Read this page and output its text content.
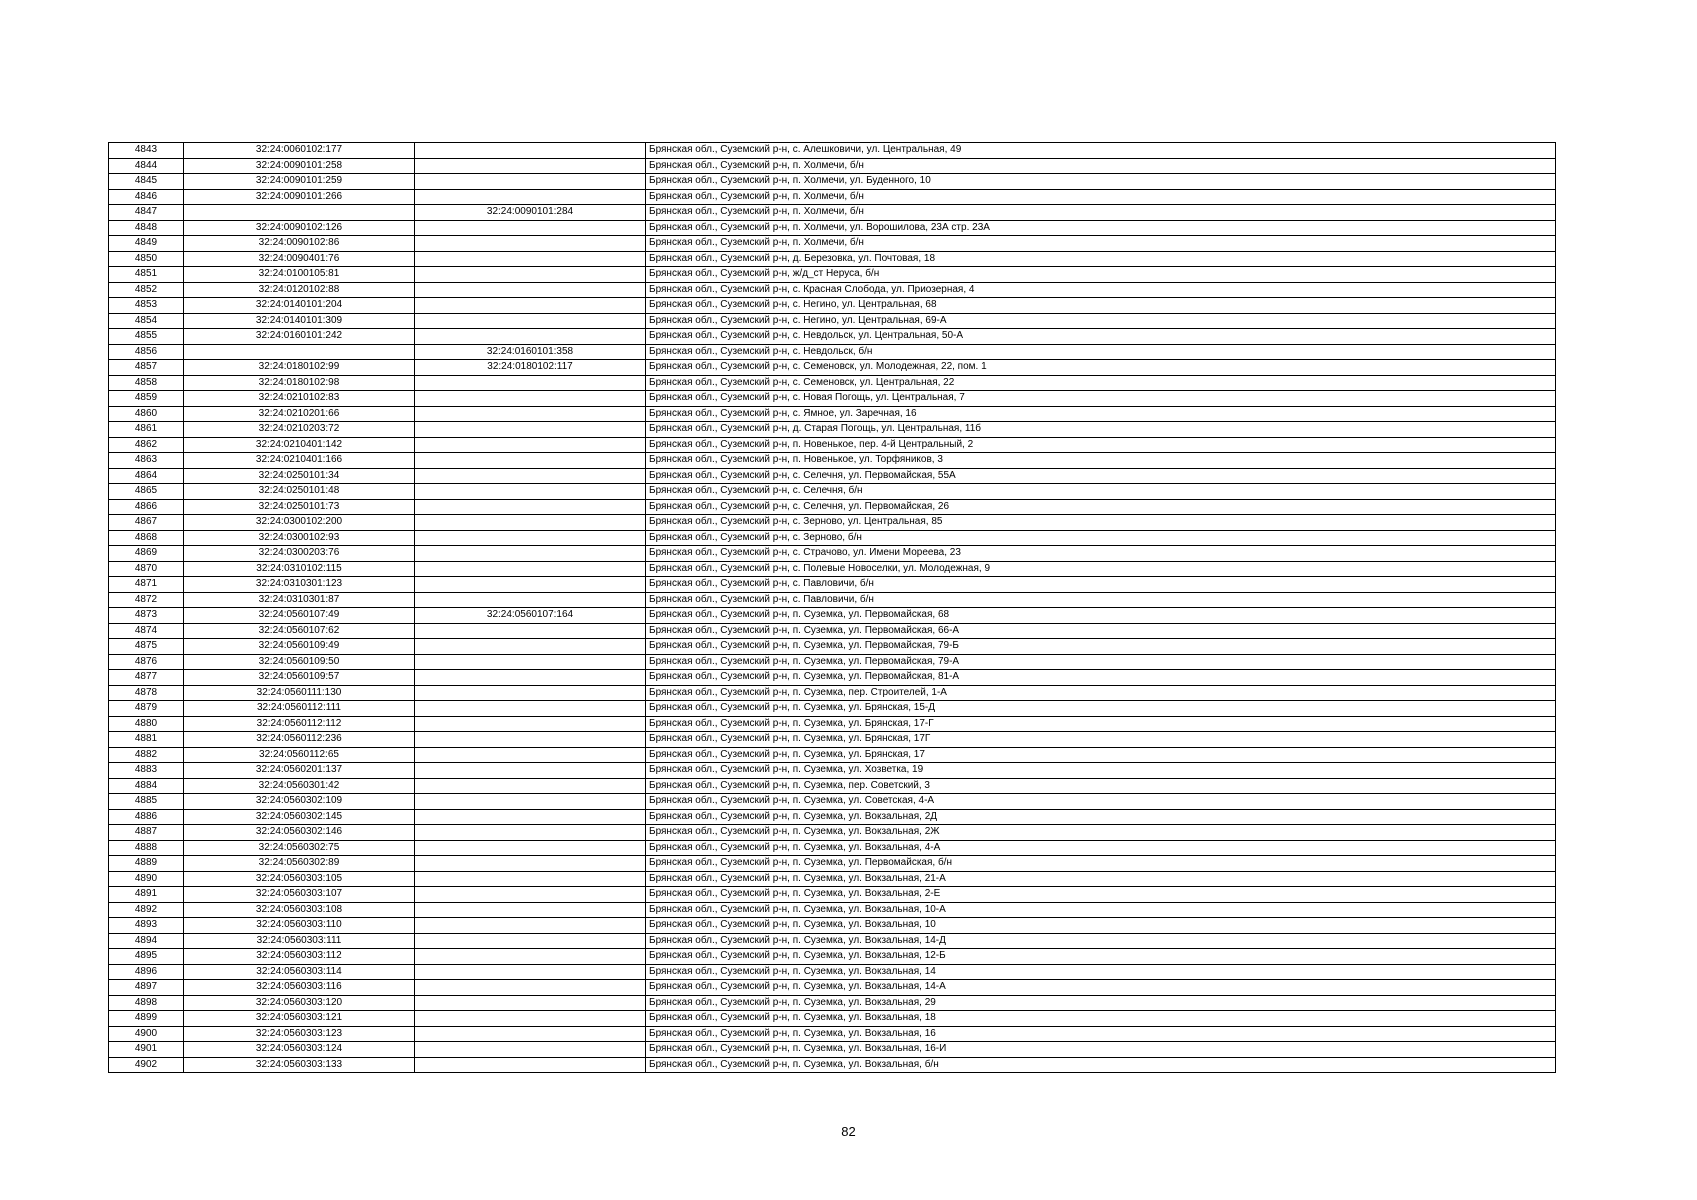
4843	32:24:0060102:177		Брянская обл., Суземский р-н, с. Алешковичи, ул. Центральная, 49
4844	32:24:0090101:258		Брянская обл., Суземский р-н, п. Холмечи, б/н
4845	32:24:0090101:259		Брянская обл., Суземский р-н, п. Холмечи, ул. Буденного, 10
4846	32:24:0090101:266		Брянская обл., Суземский р-н, п. Холмечи, б/н
4847		32:24:0090101:284	Брянская обл., Суземский р-н, п. Холмечи, б/н
4848	32:24:0090102:126		Брянская обл., Суземский р-н, п. Холмечи, ул. Ворошилова, 23А стр. 23А
4849	32:24:0090102:86		Брянская обл., Суземский р-н, п. Холмечи, б/н
4850	32:24:0090401:76		Брянская обл., Суземский р-н, д. Березовка, ул. Почтовая, 18
4851	32:24:0100105:81		Брянская обл., Суземский р-н, ж/д_ст Неруса, б/н
4852	32:24:0120102:88		Брянская обл., Суземский р-н, с. Красная Слобода, ул. Приозерная, 4
4853	32:24:0140101:204		Брянская обл., Суземский р-н, с. Негино, ул. Центральная, 68
4854	32:24:0140101:309		Брянская обл., Суземский р-н, с. Негино, ул. Центральная, 69-А
4855	32:24:0160101:242		Брянская обл., Суземский р-н, с. Невдольск, ул. Центральная, 50-А
4856		32:24:0160101:358	Брянская обл., Суземский р-н, с. Невдольск, б/н
4857	32:24:0180102:99	32:24:0180102:117	Брянская обл., Суземский р-н, с. Семеновск, ул. Молодежная, 22, пом. 1
4858	32:24:0180102:98		Брянская обл., Суземский р-н, с. Семеновск, ул. Центральная, 22
4859	32:24:0210102:83		Брянская обл., Суземский р-н, с. Новая Погощь, ул. Центральная, 7
4860	32:24:0210201:66		Брянская обл., Суземский р-н, с. Ямное, ул. Заречная, 16
4861	32:24:0210203:72		Брянская обл., Суземский р-н, д. Старая Погощь, ул. Центральная, 11б
4862	32:24:0210401:142		Брянская обл., Суземский р-н, п. Новенькое, пер. 4-й Центральный, 2
4863	32:24:0210401:166		Брянская обл., Суземский р-н, п. Новенькое, ул. Торфяников, 3
4864	32:24:0250101:34		Брянская обл., Суземский р-н, с. Селечня, ул. Первомайская, 55А
4865	32:24:0250101:48		Брянская обл., Суземский р-н, с. Селечня, б/н
4866	32:24:0250101:73		Брянская обл., Суземский р-н, с. Селечня, ул. Первомайская, 26
4867	32:24:0300102:200		Брянская обл., Суземский р-н, с. Зерново, ул. Центральная, 85
4868	32:24:0300102:93		Брянская обл., Суземский р-н, с. Зерново, б/н
4869	32:24:0300203:76		Брянская обл., Суземский р-н, с. Страчово, ул. Имени Мореева, 23
4870	32:24:0310102:115		Брянская обл., Суземский р-н, с. Полевые Новоселки, ул. Молодежная, 9
4871	32:24:0310301:123		Брянская обл., Суземский р-н, с. Павловичи, б/н
4872	32:24:0310301:87		Брянская обл., Суземский р-н, с. Павловичи, б/н
4873	32:24:0560107:49	32:24:0560107:164	Брянская обл., Суземский р-н, п. Суземка, ул. Первомайская, 68
4874	32:24:0560107:62		Брянская обл., Суземский р-н, п. Суземка, ул. Первомайская, 66-А
4875	32:24:0560109:49		Брянская обл., Суземский р-н, п. Суземка, ул. Первомайская, 79-Б
4876	32:24:0560109:50		Брянская обл., Суземский р-н, п. Суземка, ул. Первомайская, 79-А
4877	32:24:0560109:57		Брянская обл., Суземский р-н, п. Суземка, ул. Первомайская, 81-А
4878	32:24:0560111:130		Брянская обл., Суземский р-н, п. Суземка, пер. Строителей, 1-А
4879	32:24:0560112:111		Брянская обл., Суземский р-н, п. Суземка, ул. Брянская, 15-Д
4880	32:24:0560112:112		Брянская обл., Суземский р-н, п. Суземка, ул. Брянская, 17-Г
4881	32:24:0560112:236		Брянская обл., Суземский р-н, п. Суземка, ул. Брянская, 17Г
4882	32:24:0560112:65		Брянская обл., Суземский р-н, п. Суземка, ул. Брянская, 17
4883	32:24:0560201:137		Брянская обл., Суземский р-н, п. Суземка, ул. Хозветка, 19
4884	32:24:0560301:42		Брянская обл., Суземский р-н, п. Суземка, пер. Советский, 3
4885	32:24:0560302:109		Брянская обл., Суземский р-н, п. Суземка, ул. Советская, 4-А
4886	32:24:0560302:145		Брянская обл., Суземский р-н, п. Суземка, ул. Вокзальная, 2Д
4887	32:24:0560302:146		Брянская обл., Суземский р-н, п. Суземка, ул. Вокзальная, 2Ж
4888	32:24:0560302:75		Брянская обл., Суземский р-н, п. Суземка, ул. Вокзальная, 4-А
4889	32:24:0560302:89		Брянская обл., Суземский р-н, п. Суземка, ул. Первомайская, б/н
4890	32:24:0560303:105		Брянская обл., Суземский р-н, п. Суземка, ул. Вокзальная, 21-А
4891	32:24:0560303:107		Брянская обл., Суземский р-н, п. Суземка, ул. Вокзальная, 2-Е
4892	32:24:0560303:108		Брянская обл., Суземский р-н, п. Суземка, ул. Вокзальная, 10-А
4893	32:24:0560303:110		Брянская обл., Суземский р-н, п. Суземка, ул. Вокзальная, 10
4894	32:24:0560303:111		Брянская обл., Суземский р-н, п. Суземка, ул. Вокзальная, 14-Д
4895	32:24:0560303:112		Брянская обл., Суземский р-н, п. Суземка, ул. Вокзальная, 12-Б
4896	32:24:0560303:114		Брянская обл., Суземский р-н, п. Суземка, ул. Вокзальная, 14
4897	32:24:0560303:116		Брянская обл., Суземский р-н, п. Суземка, ул. Вокзальная, 14-А
4898	32:24:0560303:120		Брянская обл., Суземский р-н, п. Суземка, ул. Вокзальная, 29
4899	32:24:0560303:121		Брянская обл., Суземский р-н, п. Суземка, ул. Вокзальная, 18
4900	32:24:0560303:123		Брянская обл., Суземский р-н, п. Суземка, ул. Вокзальная, 16
4901	32:24:0560303:124		Брянская обл., Суземский р-н, п. Суземка, ул. Вокзальная, 16-И
4902	32:24:0560303:133		Брянская обл., Суземский р-н, п. Суземка, ул. Вокзальная, б/н
82
